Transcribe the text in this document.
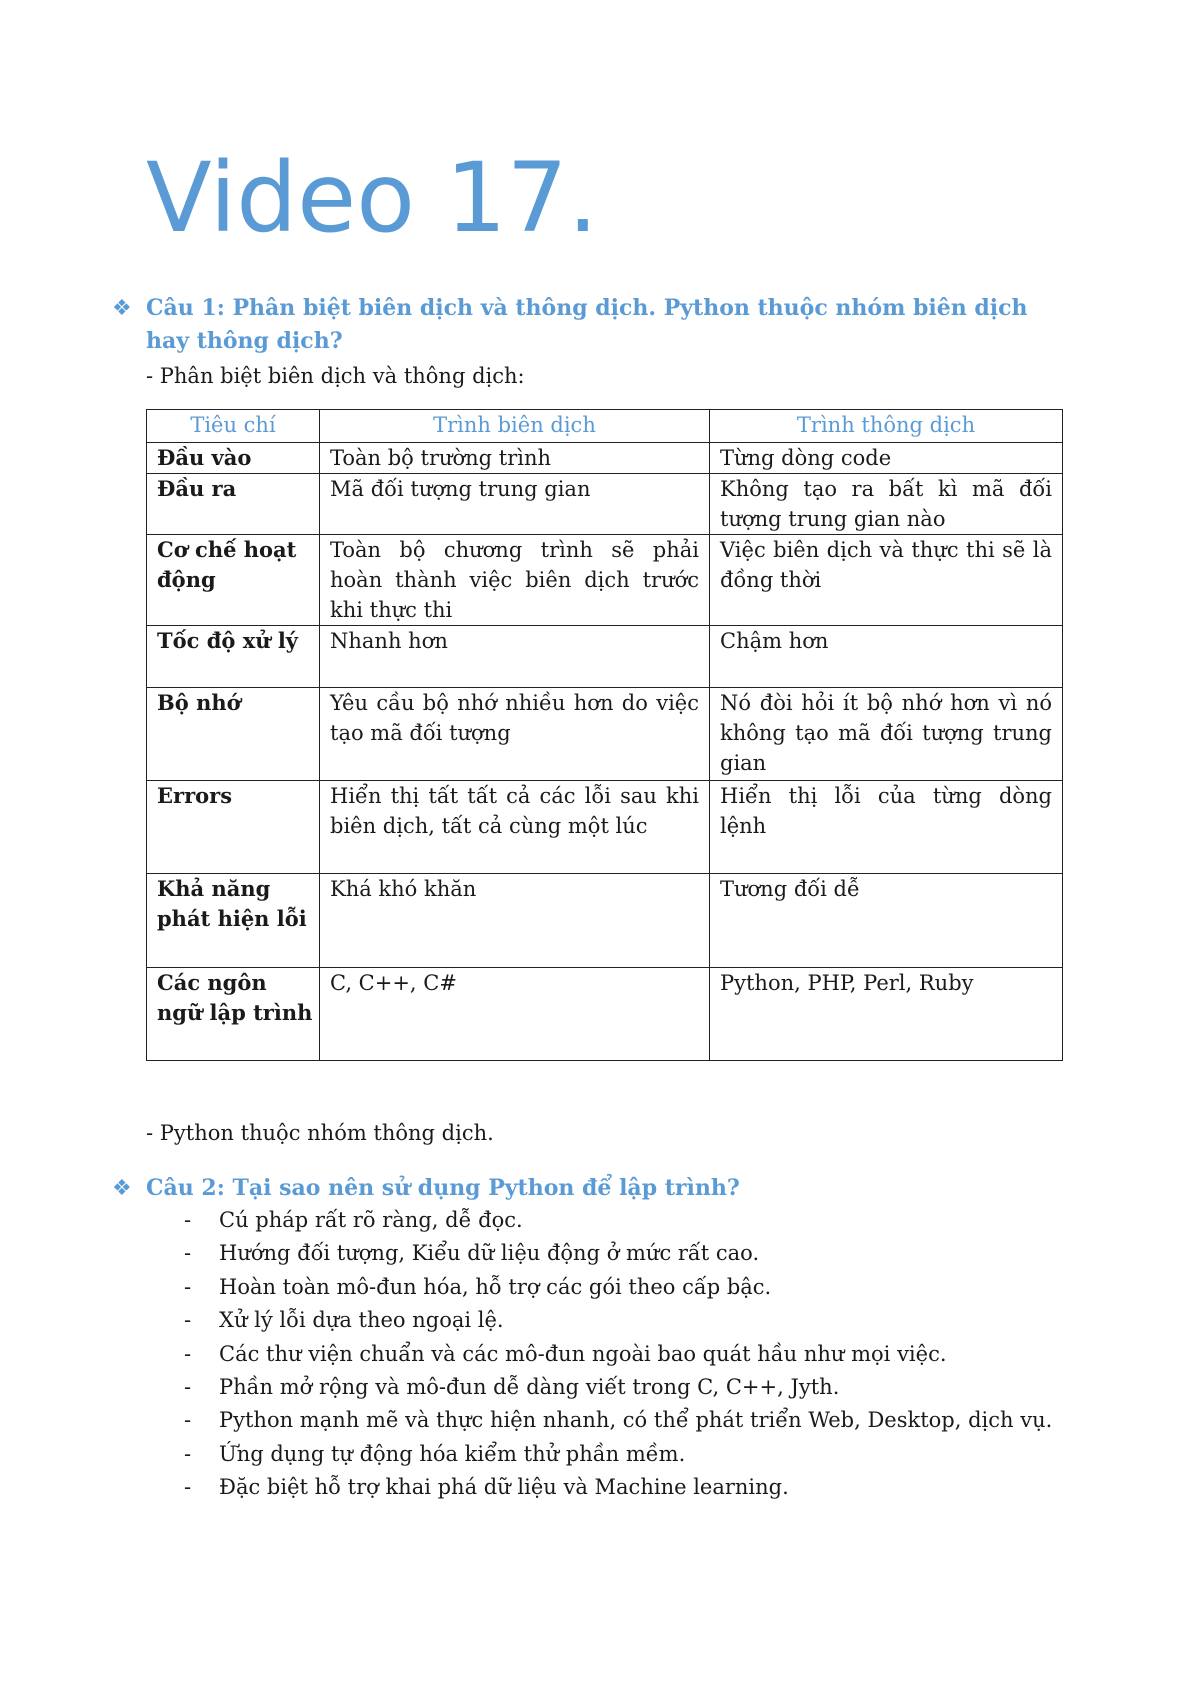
Video 17.
❖ Câu 1: Phân biệt biên dịch và thông dịch. Python thuộc nhóm biên dịch hay thông dịch?

- Phân biệt biên dịch và thông dịch:

Tiêu chí	Trình biên dịch	Trình thông dịch
Đầu vào	Toàn bộ trường trình	Từng dòng code
Đầu ra	Mã đối tượng trung gian	Không tạo ra bất kì mã đối tượng trung gian nào
Cơ chế hoạt động	Toàn bộ chương trình sẽ phải hoàn thành việc biên dịch trước khi thực thi	Việc biên dịch và thực thi sẽ là đồng thời
Tốc độ xử lý	Nhanh hơn	Chậm hơn
Bộ nhớ	Yêu cầu bộ nhớ nhiều hơn do việc tạo mã đối tượng	Nó đòi hỏi ít bộ nhớ hơn vì nó không tạo mã đối tượng trung gian
Errors	Hiển thị tất tất cả các lỗi sau khi biên dịch, tất cả cùng một lúc	Hiển thị lỗi của từng dòng lệnh
Khả năng phát hiện lỗi	Khá khó khăn	Tương đối dễ
Các ngôn ngữ lập trình	C, C++, C#	Python, PHP, Perl, Ruby

- Python thuộc nhóm thông dịch.

❖ Câu 2: Tại sao nên sử dụng Python để lập trình?
- Cú pháp rất rõ ràng, dễ đọc.
- Hướng đối tượng, Kiểu dữ liệu động ở mức rất cao.
- Hoàn toàn mô-đun hóa, hỗ trợ các gói theo cấp bậc.
- Xử lý lỗi dựa theo ngoại lệ.
- Các thư viện chuẩn và các mô-đun ngoài bao quát hầu như mọi việc.
- Phần mở rộng và mô-đun dễ dàng viết trong C, C++, Jyth.
- Python mạnh mẽ và thực hiện nhanh, có thể phát triển Web, Desktop, dịch vụ.
- Ứng dụng tự động hóa kiểm thử phần mềm.
- Đặc biệt hỗ trợ khai phá dữ liệu và Machine learning.
